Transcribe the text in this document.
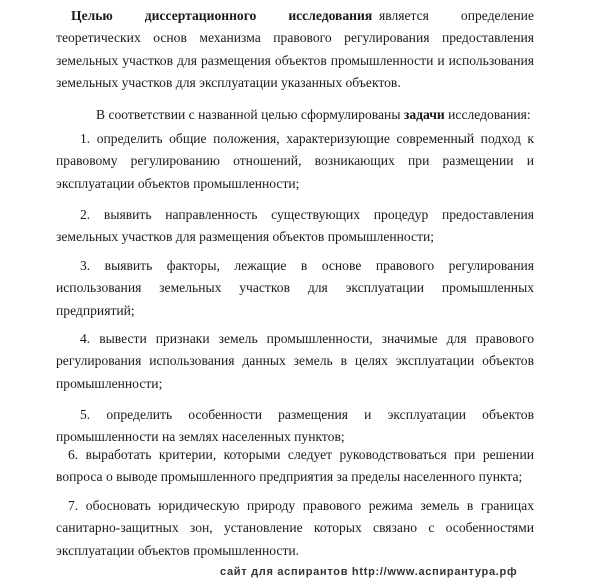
Целью диссертационного исследования является определение теоретических основ механизма правового регулирования предоставления земельных участков для размещения объектов промышленности и использования земельных участков для эксплуатации указанных объектов.

В соответствии с названной целью сформулированы задачи исследования:

1. определить общие положения, характеризующие современный подход к правовому регулированию отношений, возникающих при размещении и эксплуатации объектов промышленности;

2. выявить направленность существующих процедур предоставления земельных участков для размещения объектов промышленности;

3. выявить факторы, лежащие в основе правового регулирования использования земельных участков для эксплуатации промышленных предприятий;

4. вывести признаки земель промышленности, значимые для правового регулирования использования данных земель в целях эксплуатации объектов промышленности;

5. определить особенности размещения и эксплуатации объектов промышленности на землях населенных пунктов;

6. выработать критерии, которыми следует руководствоваться при решении вопроса о выводе промышленного предприятия за пределы населенного пункта;

7. обосновать юридическую природу правового режима земель в границах санитарно-защитных зон, установление которых связано с особенностями эксплуатации объектов промышленности.

сайт для аспирантов http://www.аспирантура.рф
